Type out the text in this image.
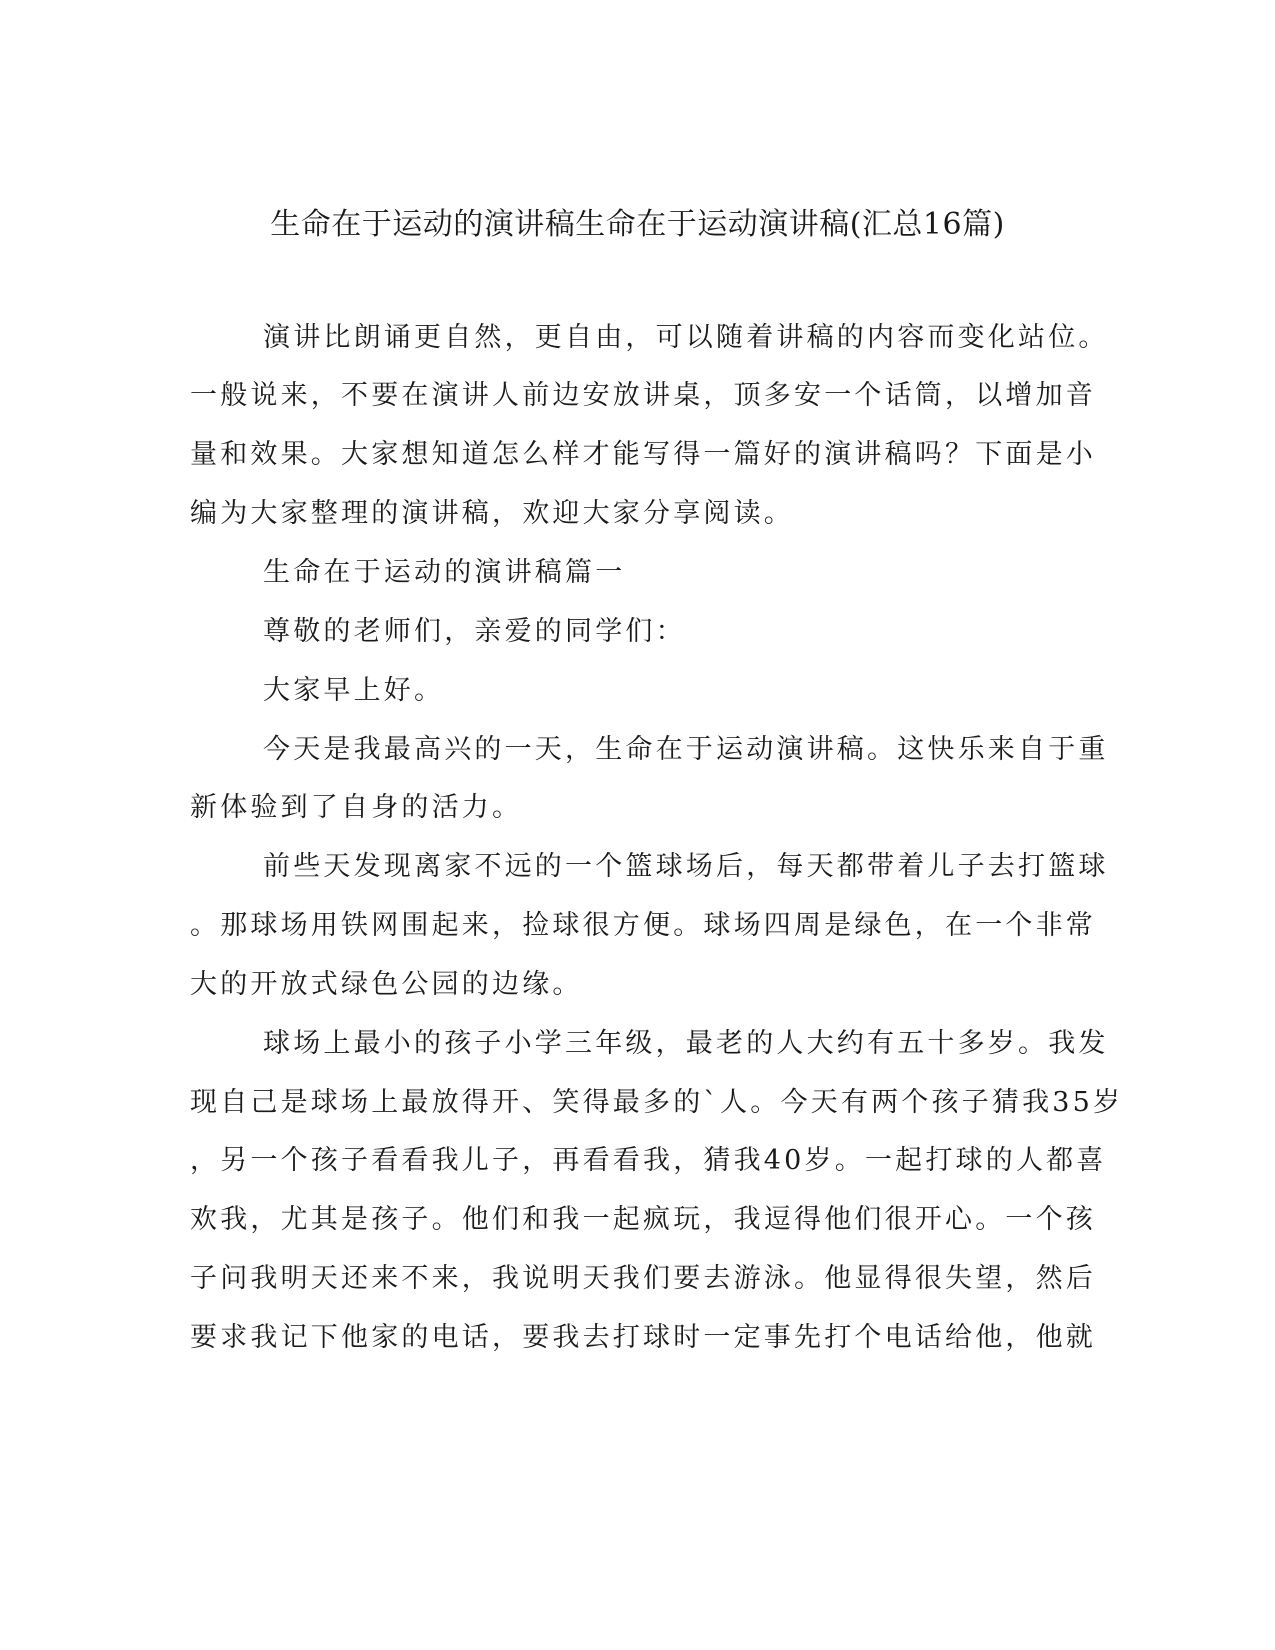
生命在于运动的演讲稿生命在于运动演讲稿(汇总16篇)
演讲比朗诵更自然，更自由，可以随着讲稿的内容而变化站位。
一般说来，不要在演讲人前边安放讲桌，顶多安一个话筒，以增加音
量和效果。大家想知道怎么样才能写得一篇好的演讲稿吗？下面是小
编为大家整理的演讲稿，欢迎大家分享阅读。
生命在于运动的演讲稿篇一
尊敬的老师们，亲爱的同学们：
大家早上好。
今天是我最高兴的一天，生命在于运动演讲稿。这快乐来自于重
新体验到了自身的活力。
前些天发现离家不远的一个篮球场后，每天都带着儿子去打篮球
。那球场用铁网围起来，捡球很方便。球场四周是绿色，在一个非常
大的开放式绿色公园的边缘。
球场上最小的孩子小学三年级，最老的人大约有五十多岁。我发
现自己是球场上最放得开、笑得最多的`人。今天有两个孩子猜我35岁
，另一个孩子看看我儿子，再看看我，猜我40岁。一起打球的人都喜
欢我，尤其是孩子。他们和我一起疯玩，我逗得他们很开心。一个孩
子问我明天还来不来，我说明天我们要去游泳。他显得很失望，然后
要求我记下他家的电话，要我去打球时一定事先打个电话给他，他就
